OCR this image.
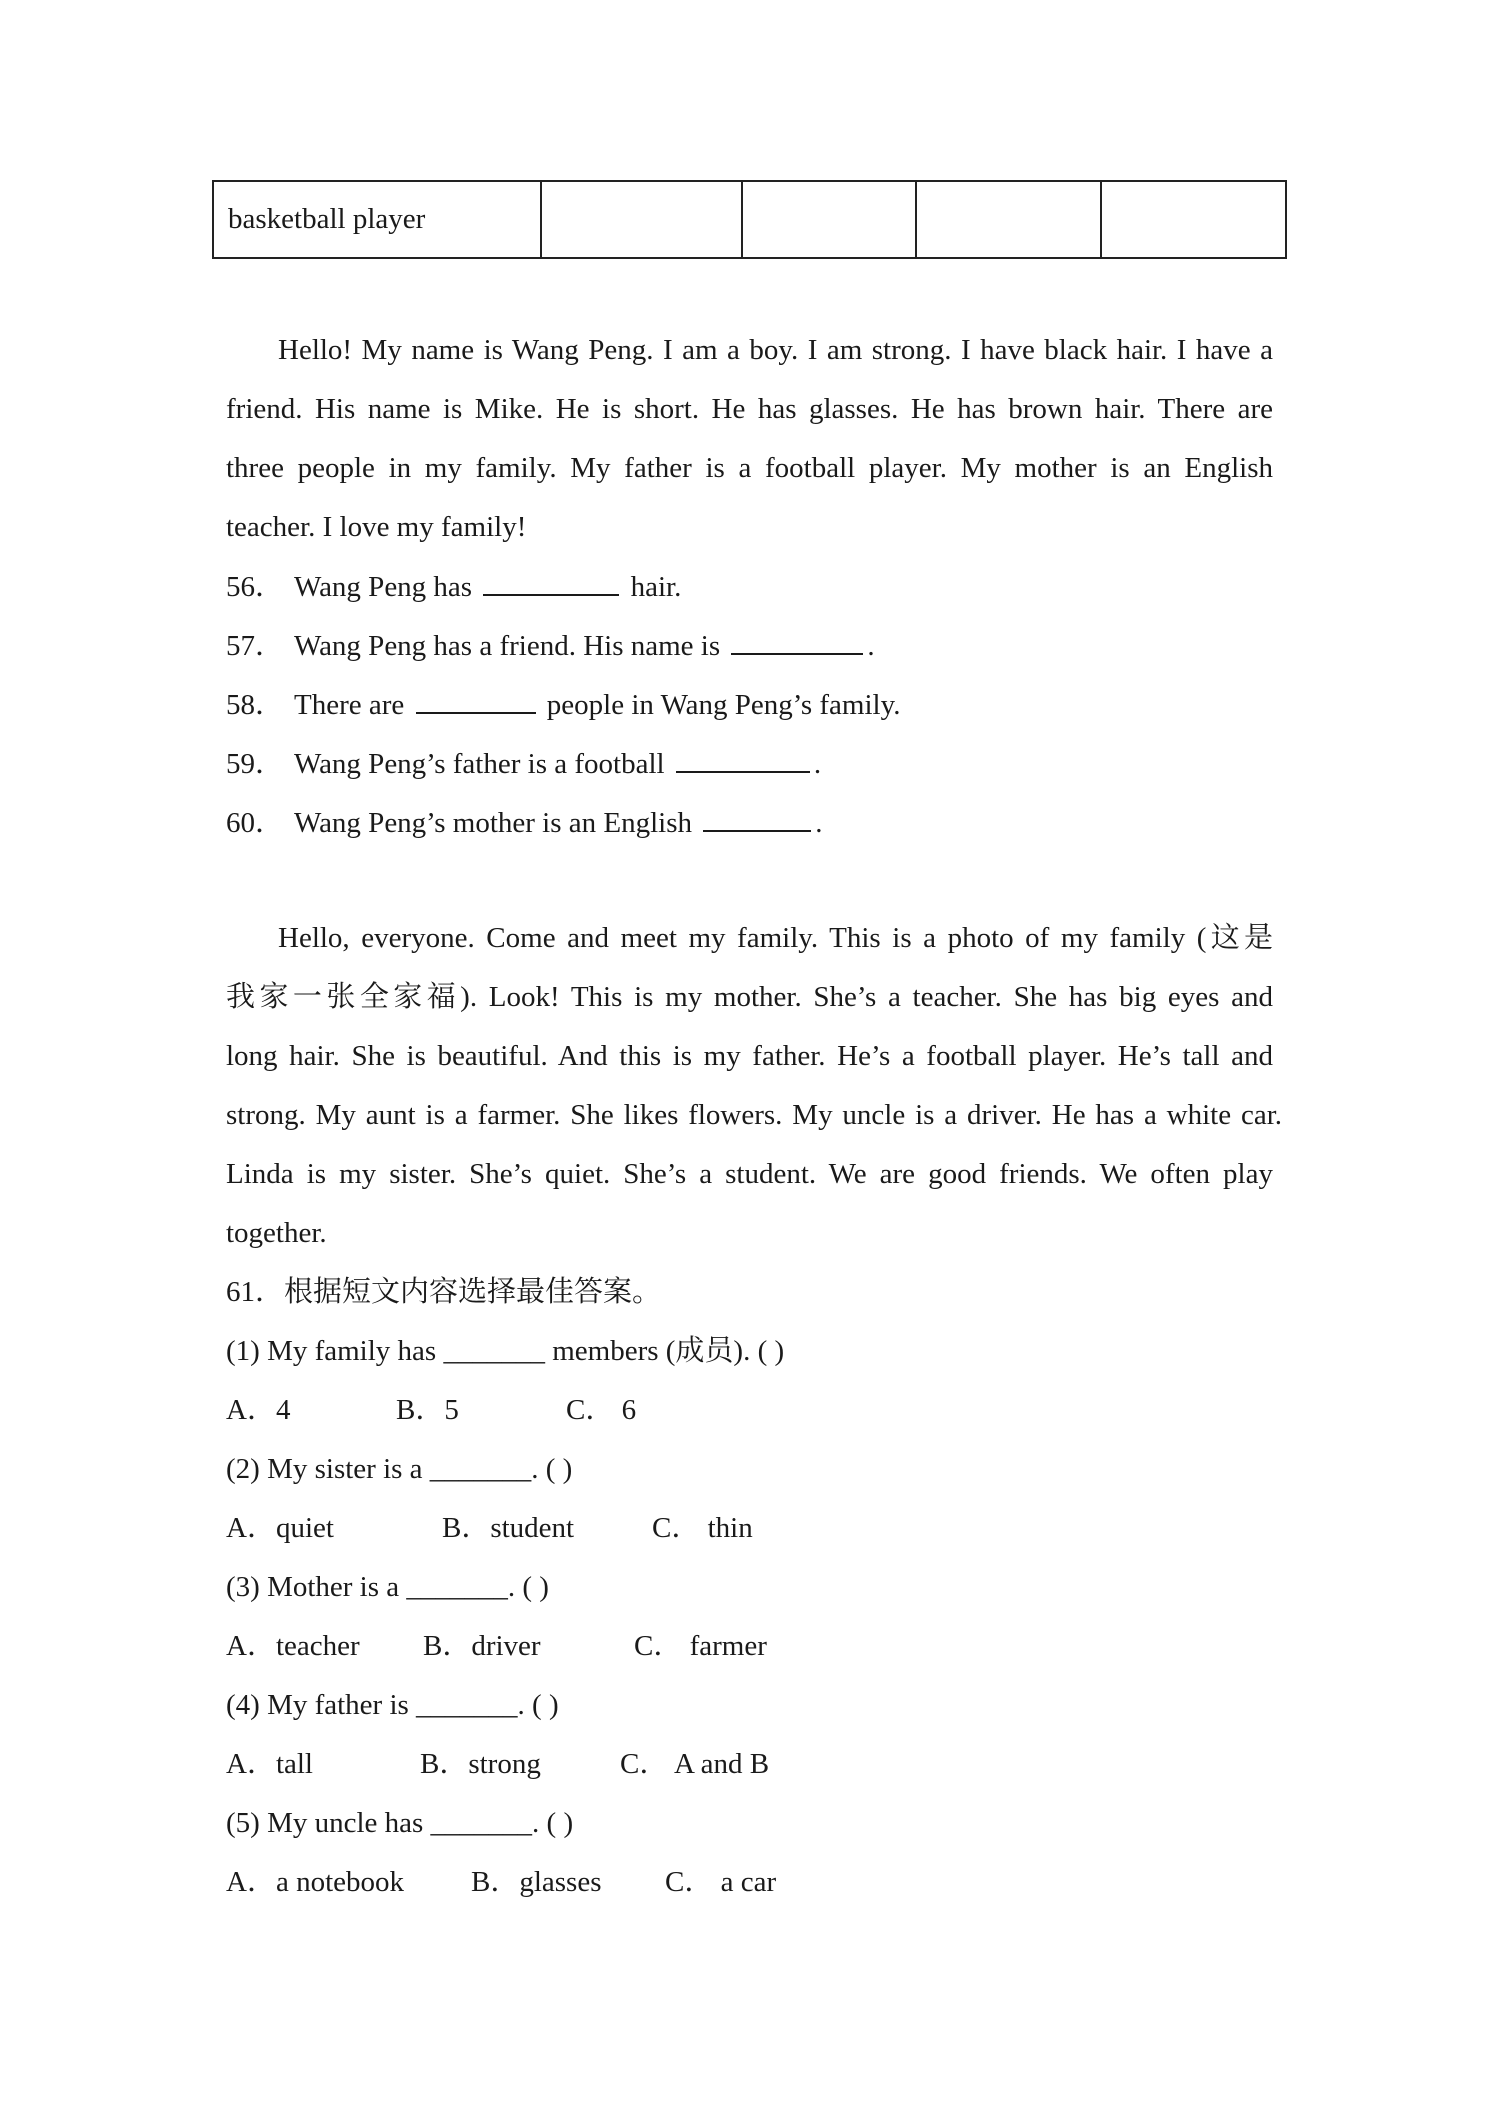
basketball player				
Hello! My name is Wang Peng. I am a boy. I am strong. I have black hair. I have a
friend. His name is Mike. He is short. He has glasses. He has brown hair. There are
three people in my family. My father is a football player. My mother is an English
teacher. I love my family!
56． Wang Peng has	hair.
57． Wang Peng has a friend. His name is	.
58． There are	people in Wang Peng’s family.
59． Wang Peng’s father is a football	.
60． Wang Peng’s mother is an English	.
Hello, everyone. Come and meet my family. This is a photo of my family (这是
我家一张全家福). Look! This is my mother. She’s a teacher. She has big eyes and
long hair. She is beautiful. And this is my father. He’s a football player. He’s tall and
strong. My aunt is a farmer. She likes flowers. My uncle is a driver. He has a white car.
Linda is my sister. She’s quiet. She’s a student. We are good friends. We often play
together.
61．根据短文内容选择最佳答案。
(1) My family has _______ members (成员). ( )
A．4	B．5	C． 6
(2) My sister is a _______. ( )
A．quiet	B．student	C． thin
(3) Mother is a _______. ( )
A．teacher B．driver	C． farmer
(4) My father is _______. ( )
A．tall	B．strong	C． A and B
(5) My uncle has _______. ( )
A．a notebook B．glasses C． a car
